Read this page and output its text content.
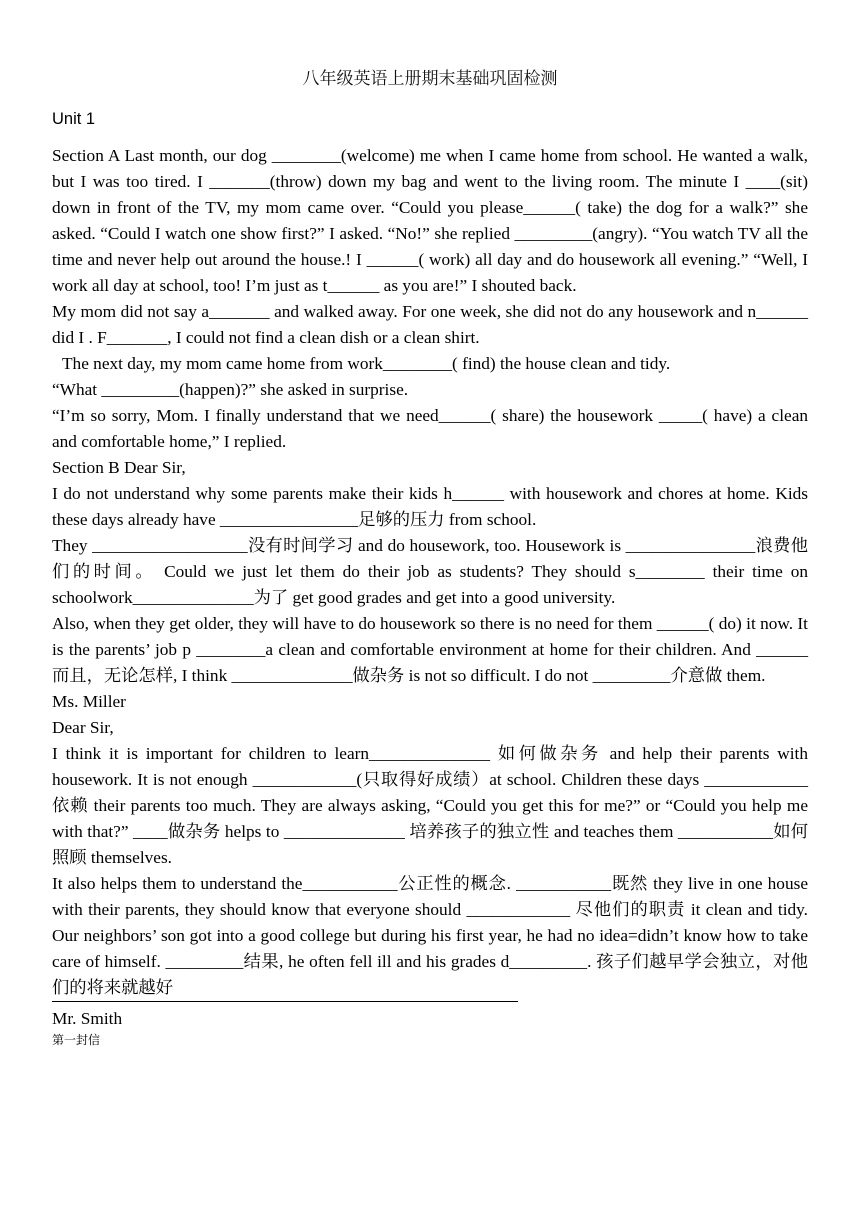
八年级英语上册期末基础巩固检测
Unit 1

Section A Last month, our dog ________(welcome) me when I came home from school. He wanted a walk, but I was too tired. I _______(throw) down my bag and went to the living room. The minute I ____(sit) down in front of the TV, my mom came over. “Could you please______( take) the dog for a walk?” she asked. “Could I watch one show first?” I asked. “No!” she replied _________(angry). “You watch TV all the time and never help out around the house.! I ______( work) all day and do housework all evening.” “Well, I work all day at school, too! I’m just as t______ as you are!” I shouted back.

My mom did not say a_______ and walked away. For one week, she did not do any housework and n______ did I . F_______, I could not find a clean dish or a clean shirt.

The next day, my mom came home from work________( find) the house clean and tidy.

“What _________(happen)?” she asked in surprise.

“I’m so sorry, Mom. I finally understand that we need______( share) the housework _____( have) a clean and comfortable home,” I replied.

Section B Dear Sir,

I do not understand why some parents make their kids h______ with housework and chores at home. Kids these days already have ________________足够的压力 from school.

They __________________没有时间学习 and do housework, too. Housework is _______________浪费他们的时间。 Could we just let them do their job as students? They should s________ their time on schoolwork______________为了 get good grades and get into a good university.

Also, when they get older, they will have to do housework so there is no need for them ______( do) it now. It is the parents’ job p ________a clean and comfortable environment at home for their children. And ______而且，无论怎样, I think ______________做杂务 is not so difficult. I do not _________介意做 them.

Ms. Miller

Dear Sir,

I think it is important for children to learn______________ 如何做杂务 and help their parents with housework. It is not enough ____________(只取得好成绩）at school. Children these days ____________依赖 their parents too much. They are always asking, “Could you get this for me?” or “Could you help me with that?” ____做杂务 helps to ______________ 培养孩子的独立性 and teaches them ___________如何照顾 themselves.

It also helps them to understand the___________公正性的概念. ___________既然 they live in one house with their parents, they should know that everyone should ____________ 尽他们的职责 it clean and tidy. Our neighbors’ son got into a good college but during his first year, he had no idea=didn’t know how to take care of himself. _________结果, he often fell ill and his grades d_________. 孩子们越早学会独立，对他们的将来就越好

Mr. Smith

第一封信
